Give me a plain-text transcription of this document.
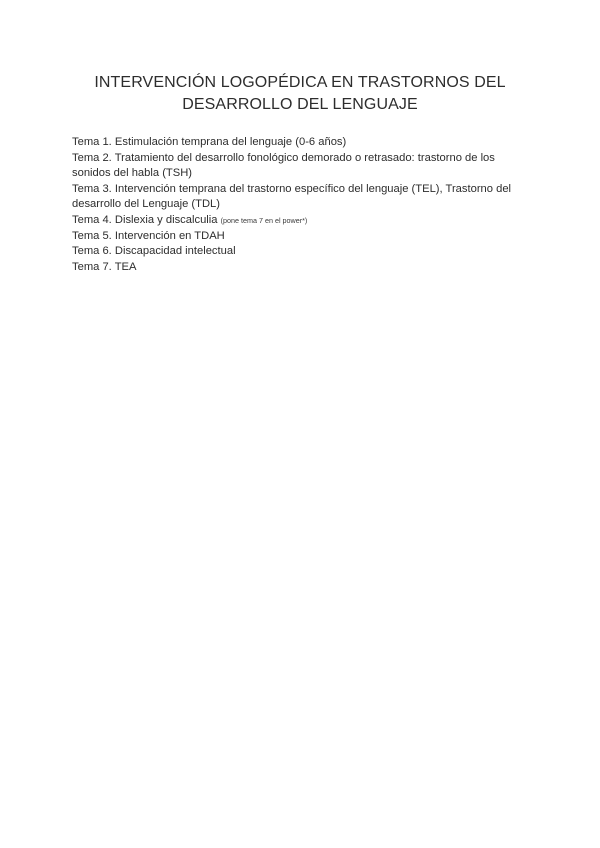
INTERVENCIÓN LOGOPÉDICA EN TRASTORNOS DEL
DESARROLLO DEL LENGUAJE

Tema 1. Estimulación temprana del lenguaje (0-6 años)

Tema 2. Tratamiento del desarrollo fonológico demorado o retrasado: trastorno de los sonidos del habla (TSH)

Tema 3. Intervención temprana del trastorno específico del lenguaje (TEL), Trastorno del desarrollo del Lenguaje (TDL)

Tema 4. Dislexia y discalculia (pone tema 7 en el power*)

Tema 5. Intervención en TDAH

Tema 6. Discapacidad intelectual

Tema 7. TEA
